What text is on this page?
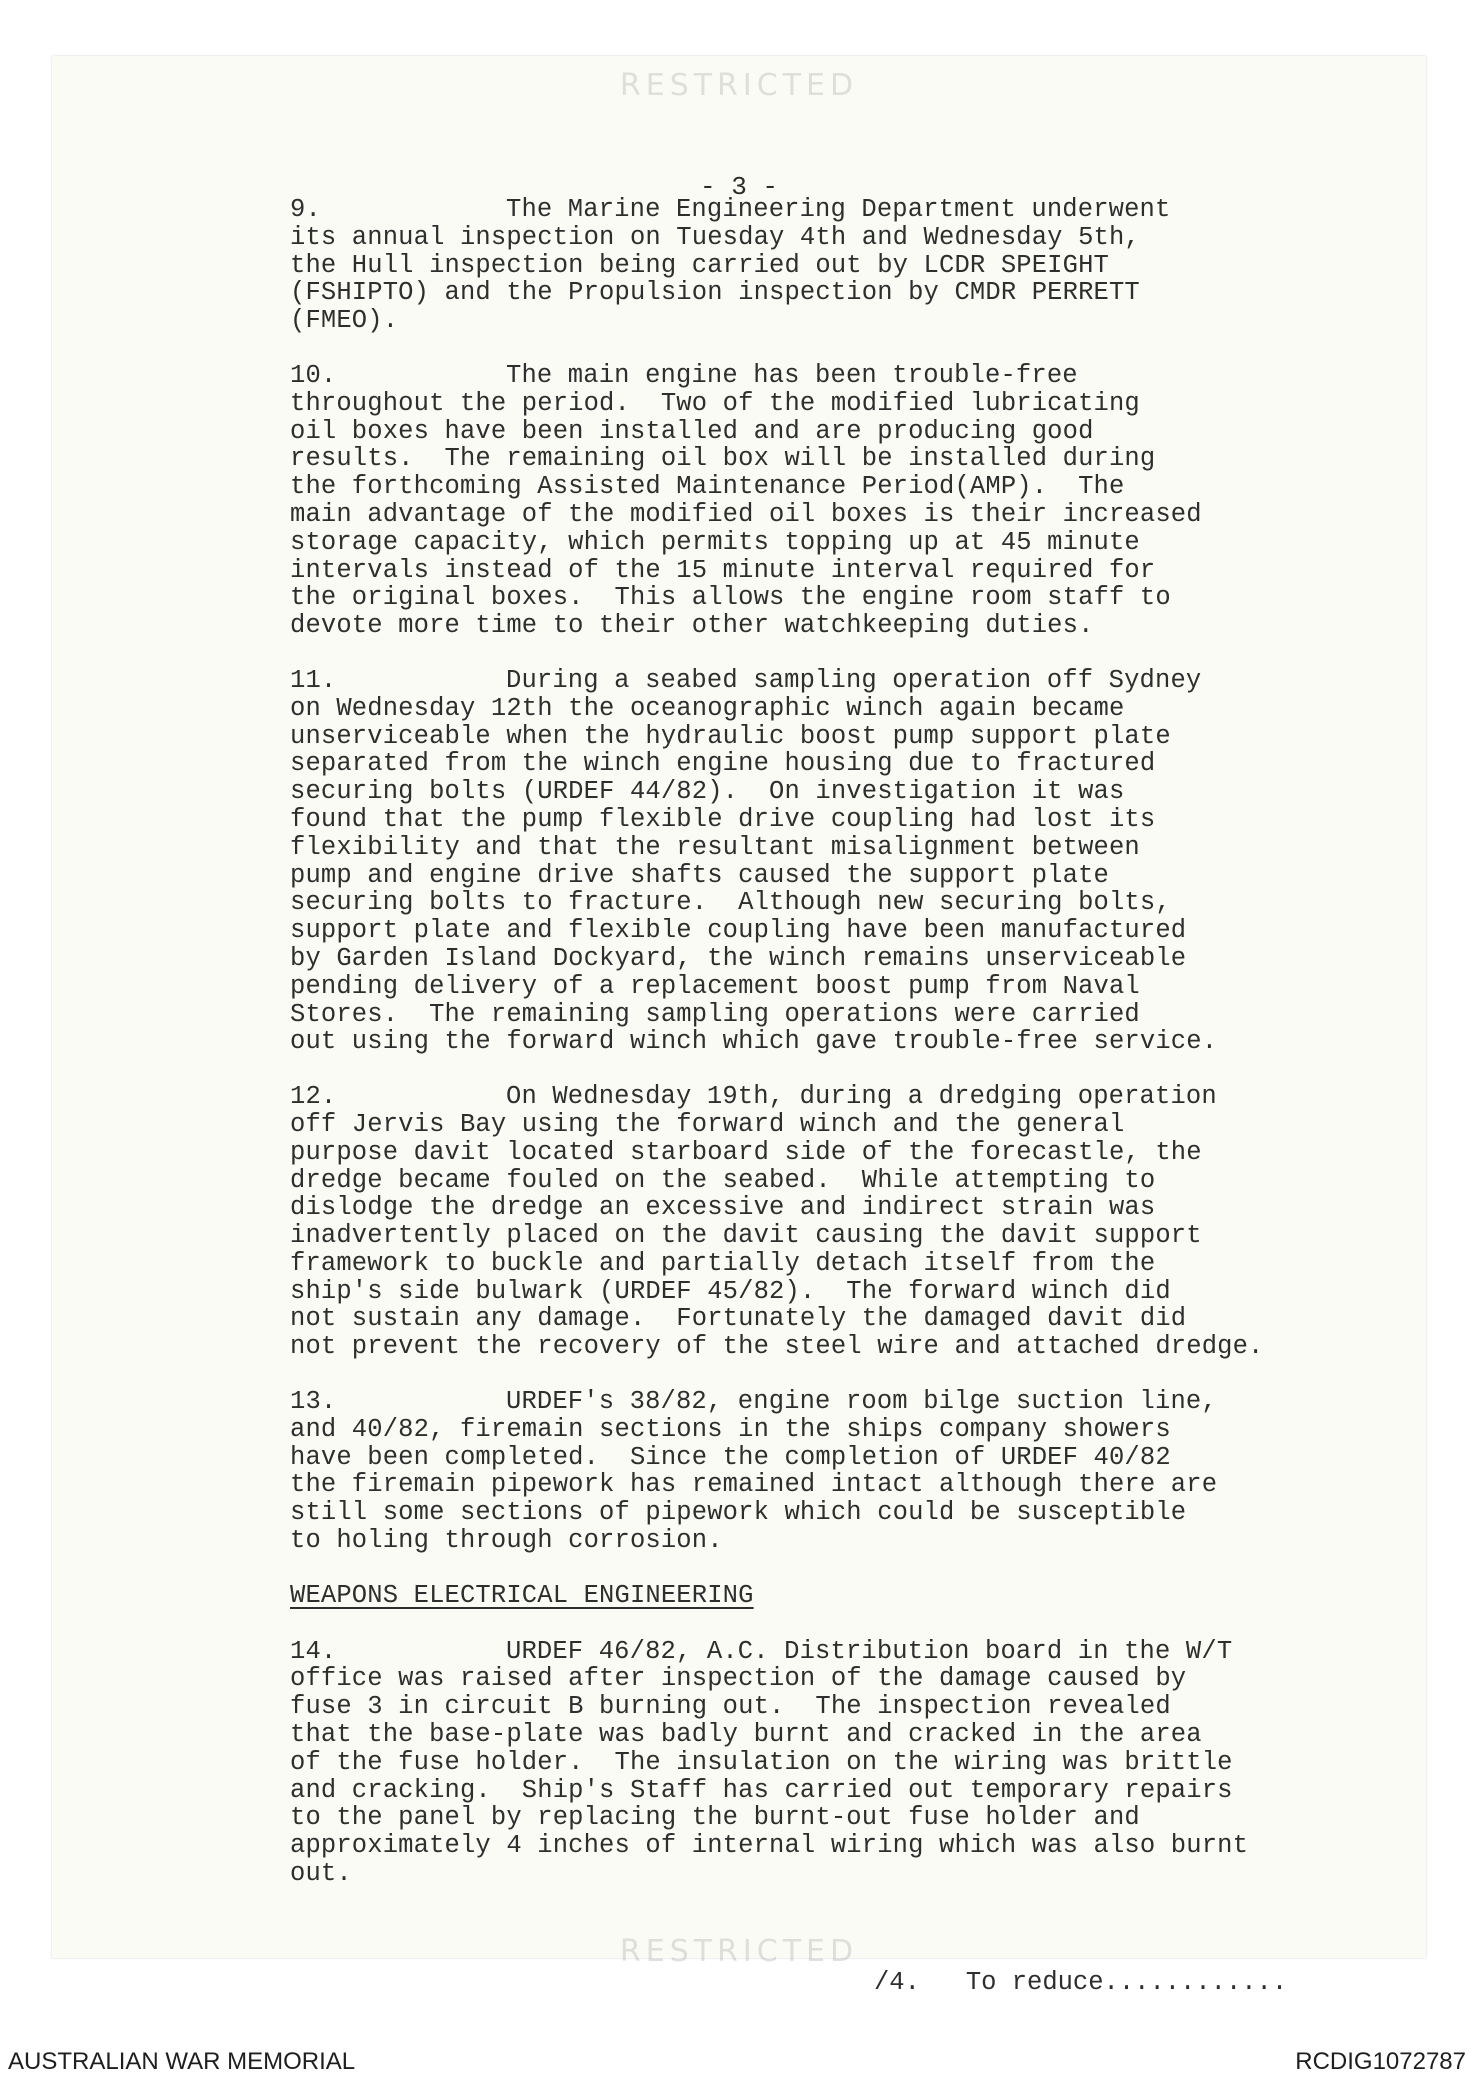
RESTRICTED
- 3 -
/4.   To reduce............
RESTRICTED
9.	The Marine Engineering Department underwent
its annual inspection on Tuesday 4th and Wednesday 5th,
the Hull inspection being carried out by LCDR SPEIGHT
(FSHIPTO) and the Propulsion inspection by CMDR PERRETT
(FMEO).
10.	The main engine has been trouble-free
throughout the period.  Two of the modified lubricating
oil boxes have been installed and are producing good
results.  The remaining oil box will be installed during
the forthcoming Assisted Maintenance Period(AMP).  The
main advantage of the modified oil boxes is their increased
storage capacity, which permits topping up at 45 minute
intervals instead of the 15 minute interval required for
the original boxes.  This allows the engine room staff to
devote more time to their other watchkeeping duties.
11.	During a seabed sampling operation off Sydney
on Wednesday 12th the oceanographic winch again became
unserviceable when the hydraulic boost pump support plate
separated from the winch engine housing due to fractured
securing bolts (URDEF 44/82).  On investigation it was
found that the pump flexible drive coupling had lost its
flexibility and that the resultant misalignment between
pump and engine drive shafts caused the support plate
securing bolts to fracture.  Although new securing bolts,
support plate and flexible coupling have been manufactured
by Garden Island Dockyard, the winch remains unserviceable
pending delivery of a replacement boost pump from Naval
Stores.  The remaining sampling operations were carried
out using the forward winch which gave trouble-free service.
12.	On Wednesday 19th, during a dredging operation
off Jervis Bay using the forward winch and the general
purpose davit located starboard side of the forecastle, the
dredge became fouled on the seabed.  While attempting to
dislodge the dredge an excessive and indirect strain was
inadvertently placed on the davit causing the davit support
framework to buckle and partially detach itself from the
ship's side bulwark (URDEF 45/82).  The forward winch did
not sustain any damage.  Fortunately the damaged davit did
not prevent the recovery of the steel wire and attached dredge.
13.	URDEF's 38/82, engine room bilge suction line,
and 40/82, firemain sections in the ships company showers
have been completed.  Since the completion of URDEF 40/82
the firemain pipework has remained intact although there are
still some sections of pipework which could be susceptible
to holing through corrosion.
WEAPONS ELECTRICAL ENGINEERING
14.	URDEF 46/82, A.C. Distribution board in the W/T
office was raised after inspection of the damage caused by
fuse 3 in circuit B burning out.  The inspection revealed
that the base-plate was badly burnt and cracked in the area
of the fuse holder.  The insulation on the wiring was brittle
and cracking.  Ship's Staff has carried out temporary repairs
to the panel by replacing the burnt-out fuse holder and
approximately 4 inches of internal wiring which was also burnt
out.
AUSTRALIAN WAR MEMORIAL	RCDIG1072787
